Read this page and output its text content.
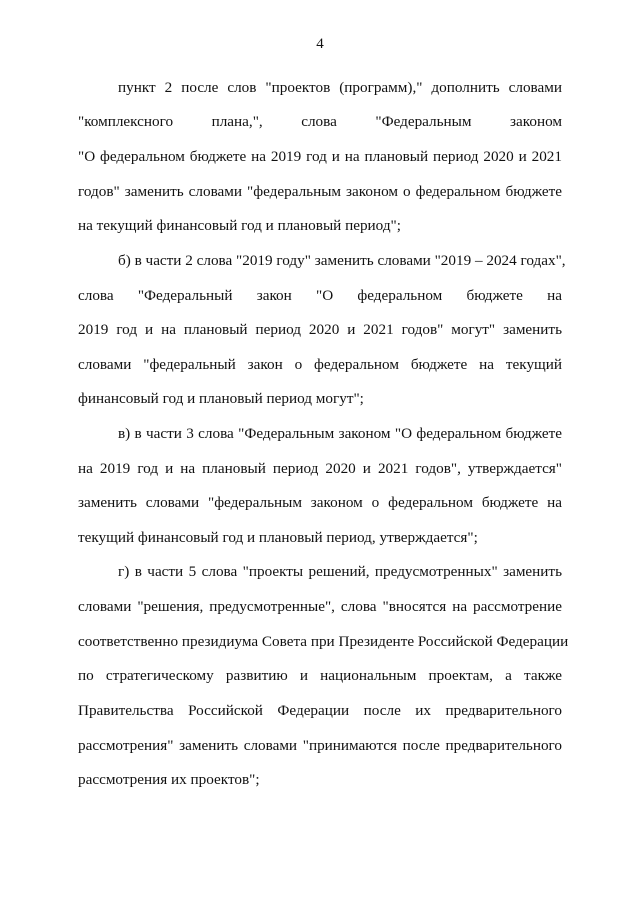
4
пункт 2 после слов "проектов (программ)," дополнить словами
"комплексного плана,", слова "Федеральным законом
"О федеральном бюджете на 2019 год и на плановый период 2020 и 2021
годов" заменить словами "федеральным законом о федеральном бюджете
на текущий финансовый год и плановый период";
б) в части 2 слова "2019 году" заменить словами "2019 – 2024 годах",
слова "Федеральный закон "О федеральном бюджете на
2019 год и на плановый период 2020 и 2021 годов" могут" заменить
словами "федеральный закон о федеральном бюджете на текущий
финансовый год и плановый период могут";
в) в части 3 слова "Федеральным законом "О федеральном бюджете
на 2019 год и на плановый период 2020 и 2021 годов", утверждается"
заменить словами "федеральным законом о федеральном бюджете на
текущий финансовый год и плановый период, утверждается";
г) в части 5 слова "проекты решений, предусмотренных" заменить
словами "решения, предусмотренные", слова "вносятся на рассмотрение
соответственно президиума Совета при Президенте Российской Федерации
по стратегическому развитию и национальным проектам, а также
Правительства Российской Федерации после их предварительного
рассмотрения" заменить словами "принимаются после предварительного
рассмотрения их проектов";
